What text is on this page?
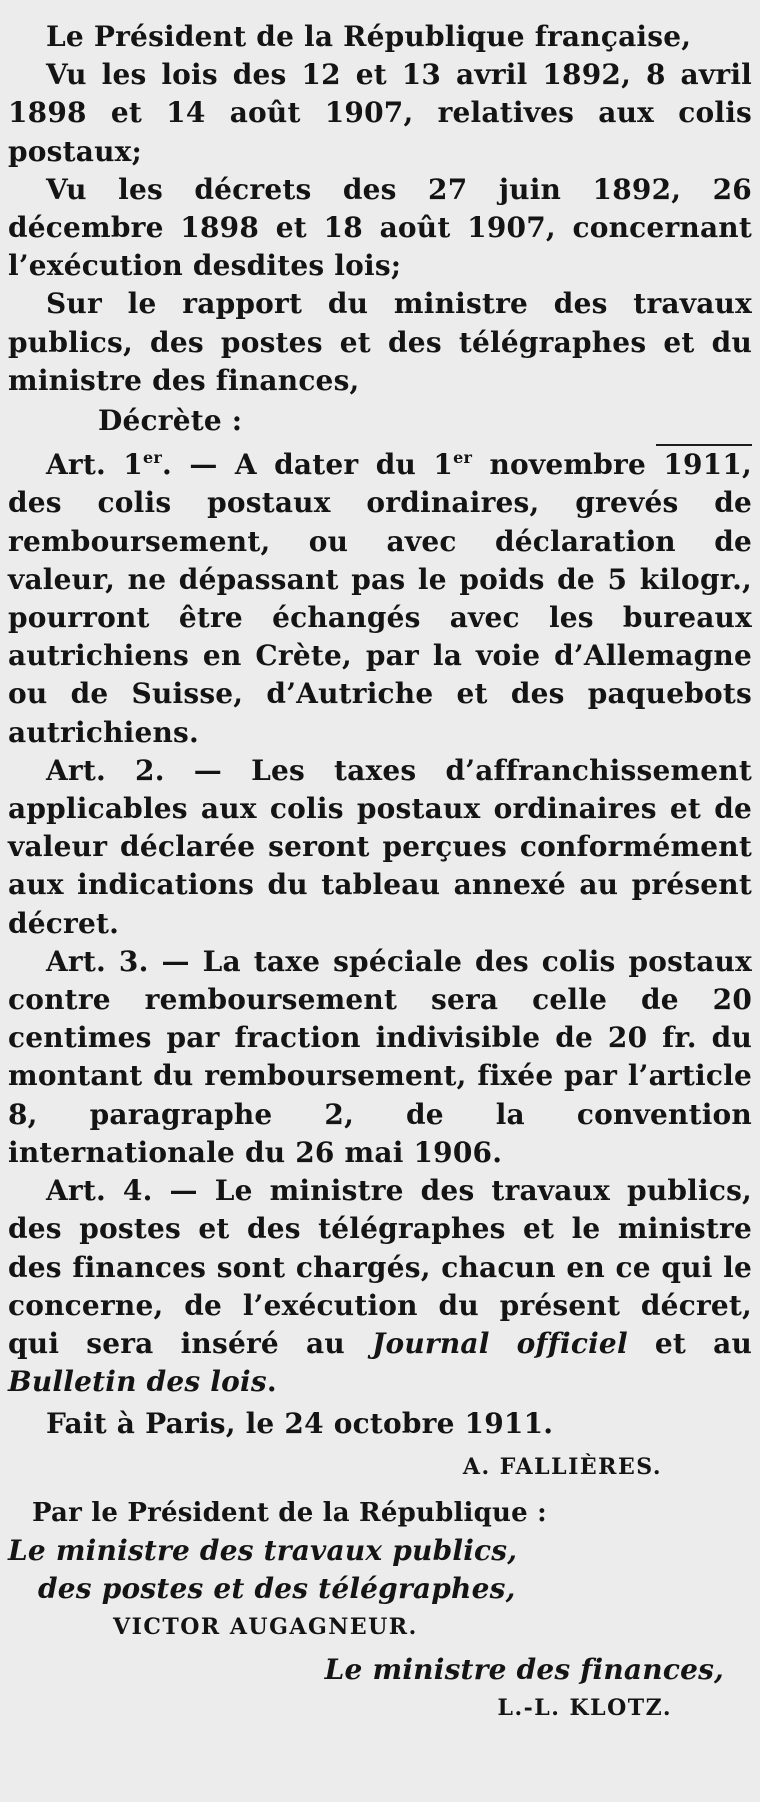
Le Président de la République française,

Vu les lois des 12 et 13 avril 1892, 8 avril 1898 et 14 août 1907, relatives aux colis postaux;

Vu les décrets des 27 juin 1892, 26 décembre 1898 et 18 août 1907, concernant l’exécution desdites lois;

Sur le rapport du ministre des travaux publics, des postes et des télégraphes et du ministre des finances,

Décrète :

Art. 1er. — A dater du 1er novembre 1911, des colis postaux ordinaires, grevés de remboursement, ou avec déclaration de valeur, ne dépassant pas le poids de 5 kilogr., pourront être échangés avec les bureaux autrichiens en Crète, par la voie d’Allemagne ou de Suisse, d’Autriche et des paquebots autrichiens.

Art. 2. — Les taxes d’affranchissement applicables aux colis postaux ordinaires et de valeur déclarée seront perçues conformément aux indications du tableau annexé au présent décret.

Art. 3. — La taxe spéciale des colis postaux contre remboursement sera celle de 20 centimes par fraction indivisible de 20 fr. du montant du remboursement, fixée par l’article 8, paragraphe 2, de la convention internationale du 26 mai 1906.

Art. 4. — Le ministre des travaux publics, des postes et des télégraphes et le ministre des finances sont chargés, chacun en ce qui le concerne, de l’exécution du présent décret, qui sera inséré au Journal officiel et au Bulletin des lois.

Fait à Paris, le 24 octobre 1911.

A. FALLIÈRES.

Par le Président de la République :

Le ministre des travaux publics,

des postes et des télégraphes,

VICTOR AUGAGNEUR.

Le ministre des finances,

L.-L. KLOTZ.
